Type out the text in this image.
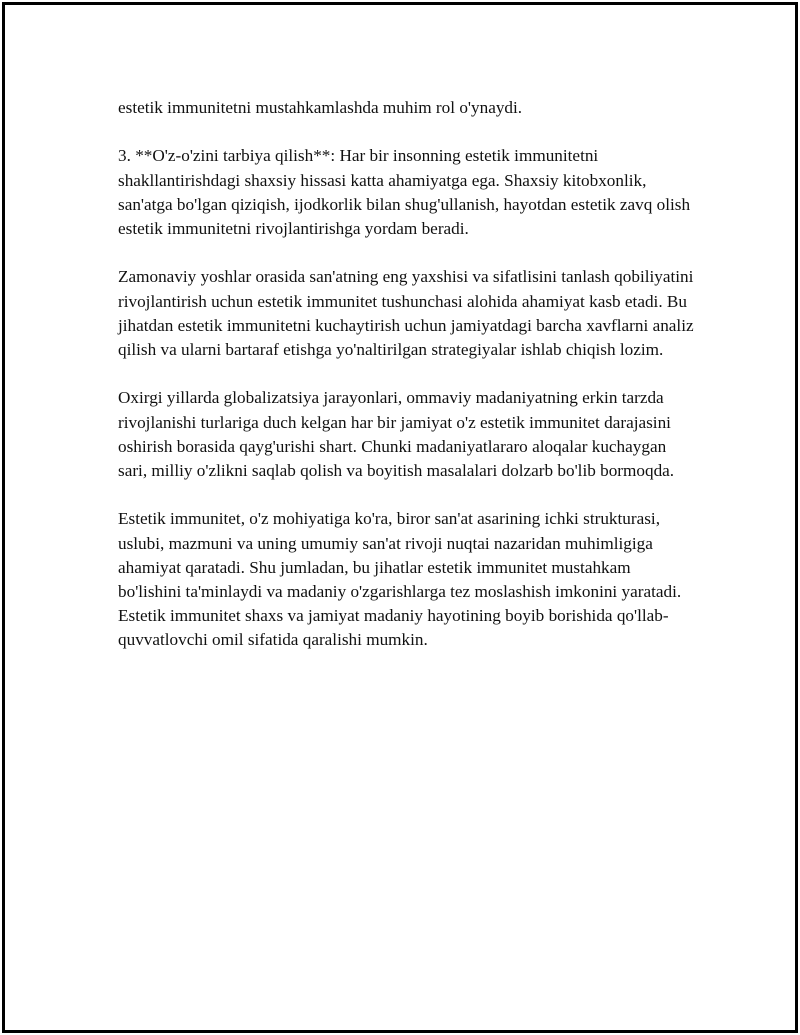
estetik immunitetni mustahkamlashda muhim rol o'ynaydi.

3. **O'z-o'zini tarbiya qilish**: Har bir insonning estetik immunitetni shakllantirishdagi shaxsiy hissasi katta ahamiyatga ega. Shaxsiy kitobxonlik, san'atga bo'lgan qiziqish, ijodkorlik bilan shug'ullanish, hayotdan estetik zavq olish estetik immunitetni rivojlantirishga yordam beradi.

Zamonaviy yoshlar orasida san'atning eng yaxshisi va sifatlisini tanlash qobiliyatini rivojlantirish uchun estetik immunitet tushunchasi alohida ahamiyat kasb etadi. Bu jihatdan estetik immunitetni kuchaytirish uchun jamiyatdagi barcha xavflarni analiz qilish va ularni bartaraf etishga yo'naltirilgan strategiyalar ishlab chiqish lozim.

Oxirgi yillarda globalizatsiya jarayonlari, ommaviy madaniyatning erkin tarzda rivojlanishi turlariga duch kelgan har bir jamiyat o'z estetik immunitet darajasini oshirish borasida qayg'urishi shart. Chunki madaniyatlararo aloqalar kuchaygan sari, milliy o'zlikni saqlab qolish va boyitish masalalari dolzarb bo'lib bormoqda.

Estetik immunitet, o'z mohiyatiga ko'ra, biror san'at asarining ichki strukturasi, uslubi, mazmuni va uning umumiy san'at rivoji nuqtai nazaridan muhimligiga ahamiyat qaratadi. Shu jumladan, bu jihatlar estetik immunitet mustahkam bo'lishini ta'minlaydi va madaniy o'zgarishlarga tez moslashish imkonini yaratadi. Estetik immunitet shaxs va jamiyat madaniy hayotining boyib borishida qo'llab-quvvatlovchi omil sifatida qaralishi mumkin.
